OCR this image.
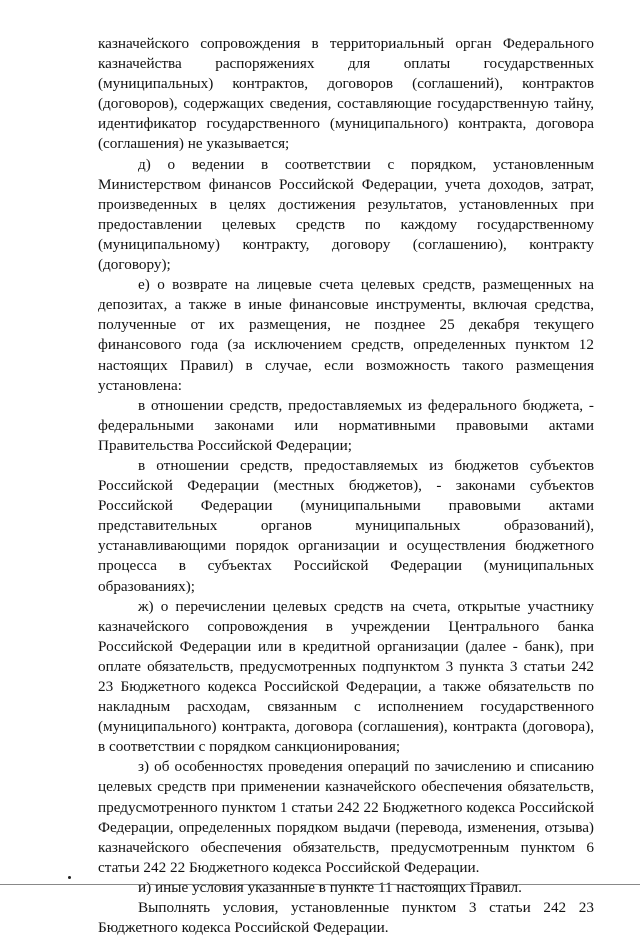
казначейского сопровождения в территориальный орган Федерального казначейства распоряжениях для оплаты государственных (муниципальных) контрактов, договоров (соглашений), контрактов (договоров), содержащих сведения, составляющие государственную тайну, идентификатор государственного (муниципального) контракта, договора (соглашения) не указывается;

д) о ведении в соответствии с порядком, установленным Министерством финансов Российской Федерации, учета доходов, затрат, произведенных в целях достижения результатов, установленных при предоставлении целевых средств по каждому государственному (муниципальному) контракту, договору (соглашению), контракту (договору);

е) о возврате на лицевые счета целевых средств, размещенных на депозитах, а также в иные финансовые инструменты, включая средства, полученные от их размещения, не позднее 25 декабря текущего финансового года (за исключением средств, определенных пунктом 12 настоящих Правил) в случае, если возможность такого размещения установлена:

в отношении средств, предоставляемых из федерального бюджета, - федеральными законами или нормативными правовыми актами Правительства Российской Федерации;

в отношении средств, предоставляемых из бюджетов субъектов Российской Федерации (местных бюджетов), - законами субъектов Российской Федерации (муниципальными правовыми актами представительных органов муниципальных образований), устанавливающими порядок организации и осуществления бюджетного процесса в субъектах Российской Федерации (муниципальных образованиях);

ж) о перечислении целевых средств на счета, открытые участнику казначейского сопровождения в учреждении Центрального банка Российской Федерации или в кредитной организации (далее - банк), при оплате обязательств, предусмотренных подпунктом 3 пункта 3 статьи 242 23 Бюджетного кодекса Российской Федерации, а также обязательств по накладным расходам, связанным с исполнением государственного (муниципального) контракта, договора (соглашения), контракта (договора), в соответствии с порядком санкционирования;

з) об особенностях проведения операций по зачислению и списанию целевых средств при применении казначейского обеспечения обязательств, предусмотренного пунктом 1 статьи 242 22 Бюджетного кодекса Российской Федерации, определенных порядком выдачи (перевода, изменения, отзыва) казначейского обеспечения обязательств, предусмотренным пунктом 6 статьи 242 22 Бюджетного кодекса Российской Федерации.

и) иные условия указанные в пункте 11 настоящих Правил.

Выполнять условия, установленные пунктом 3 статьи 242 23 Бюджетного кодекса Российской Федерации.
